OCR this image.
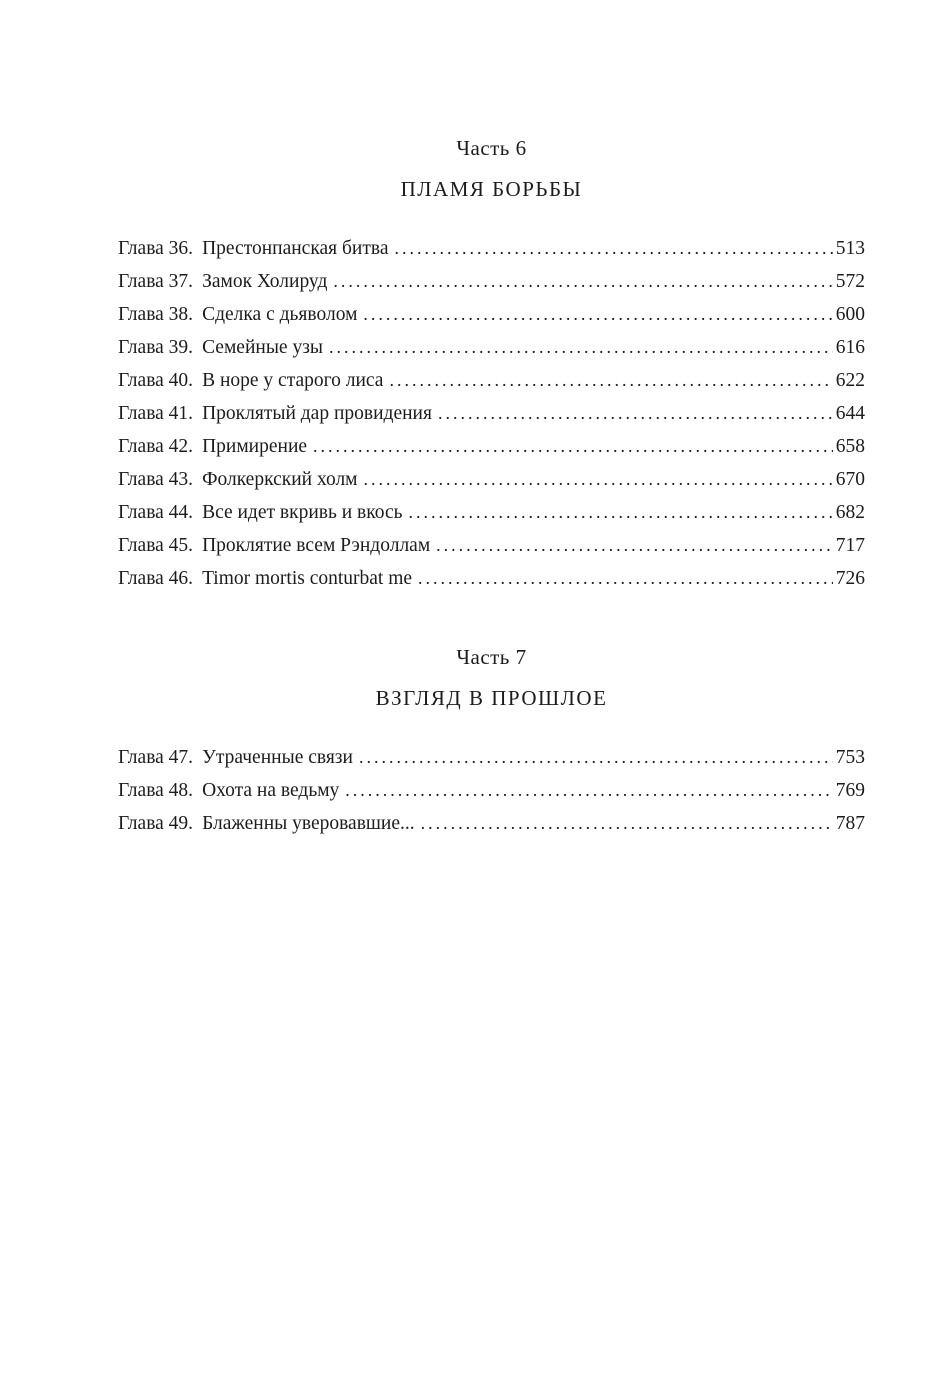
Часть 6
ПЛАМЯ БОРЬБЫ
Глава 36. Престонпанская битва .....	513
Глава 37. Замок Холируд .....	572
Глава 38. Сделка с дьяволом .....	600
Глава 39. Семейные узы .....	616
Глава 40. В норе у старого лиса .....	622
Глава 41. Проклятый дар провидения .....	644
Глава 42. Примирение .....	658
Глава 43. Фолкеркский холм .....	670
Глава 44. Все идет вкривь и вкось .....	682
Глава 45. Проклятие всем Рэндоллам .....	717
Глава 46. Timor mortis conturbat me .....	726
Часть 7
ВЗГЛЯД В ПРОШЛОЕ
Глава 47. Утраченные связи .....	753
Глава 48. Охота на ведьму .....	769
Глава 49. Блаженны уверовавшие... .....	787
